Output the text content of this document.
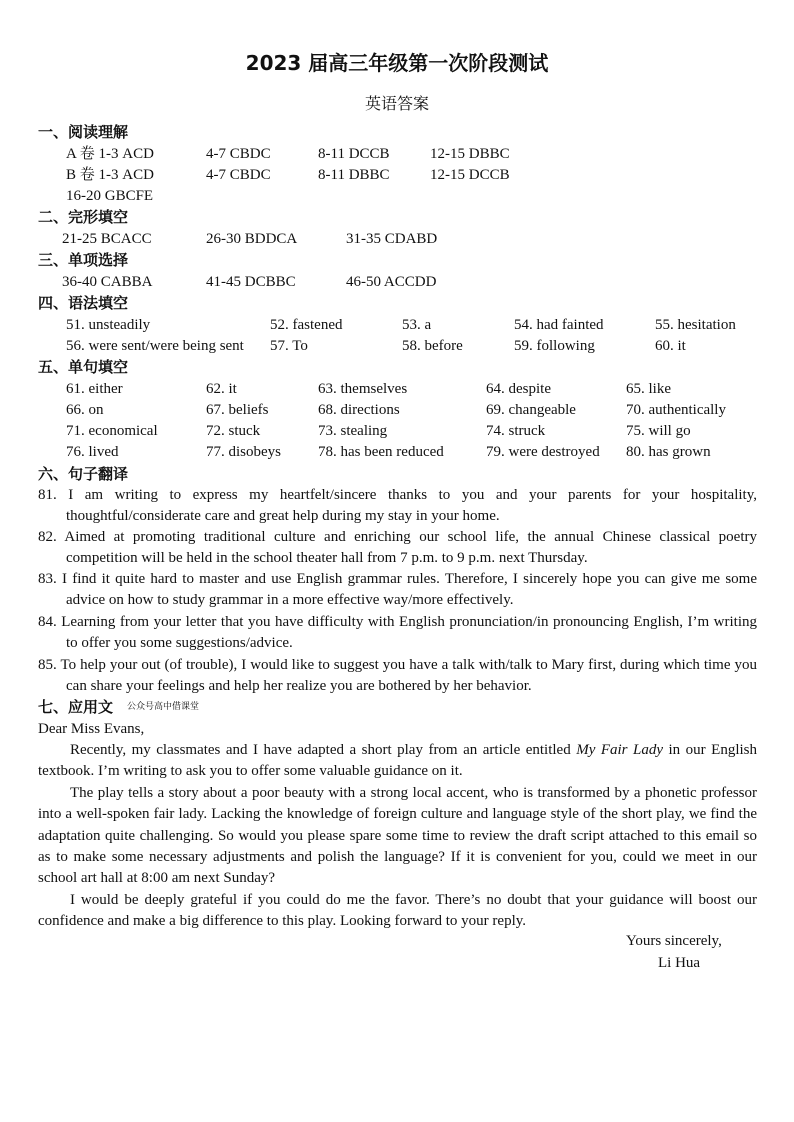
2023 届高三年级第一次阶段测试
英语答案
一、阅读理解
A 卷 1-3 ACD	4-7 CBDC	8-11 DCCB	12-15 DBBC
B 卷 1-3 ACD	4-7 CBDC	8-11 DBBC	12-15 DCCB
16-20 GBCFE
二、完形填空
21-25 BCACC	26-30 BDDCA	31-35 CDABD
三、单项选择
36-40 CABBA	41-45 DCBBC	46-50 ACCDD
四、语法填空
51. unsteadily	52. fastened	53. a	54. had fainted	55. hesitation
56. were sent/were being sent 57. To	58. before	59. following	60. it
五、单句填空
61. either	62. it	63. themselves	64. despite	65. like
66. on	67. beliefs	68. directions	69. changeable	70. authentically
71. economical	72. stuck	73. stealing	74. struck	75. will go
76. lived	77. disobeys 78. has been reduced	79. were destroyed 80. has grown
六、句子翻译
81. I am writing to express my heartfelt/sincere thanks to you and your parents for your hospitality, thoughtful/considerate care and great help during my stay in your home.
82. Aimed at promoting traditional culture and enriching our school life, the annual Chinese classical poetry competition will be held in the school theater hall from 7 p.m. to 9 p.m. next Thursday.
83. I find it quite hard to master and use English grammar rules. Therefore, I sincerely hope you can give me some advice on how to study grammar in a more effective way/more effectively.
84. Learning from your letter that you have difficulty with English pronunciation/in pronouncing English, I’m writing to offer you some suggestions/advice.
85. To help your out (of trouble), I would like to suggest you have a talk with/talk to Mary first, during which time you can share your feelings and help her realize you are bothered by her behavior.
七、应用文 公众号高中借课堂
Dear Miss Evans,
Recently, my classmates and I have adapted a short play from an article entitled My Fair Lady in our English textbook. I’m writing to ask you to offer some valuable guidance on it.
The play tells a story about a poor beauty with a strong local accent, who is transformed by a phonetic professor into a well-spoken fair lady. Lacking the knowledge of foreign culture and language style of the short play, we find the adaptation quite challenging. So would you please spare some time to review the draft script attached to this email so as to make some necessary adjustments and polish the language? If it is convenient for you, could we meet in our school art hall at 8:00 am next Sunday?
I would be deeply grateful if you could do me the favor. There’s no doubt that your guidance will boost our confidence and make a big difference to this play. Looking forward to your reply.
Yours sincerely,
Li Hua
